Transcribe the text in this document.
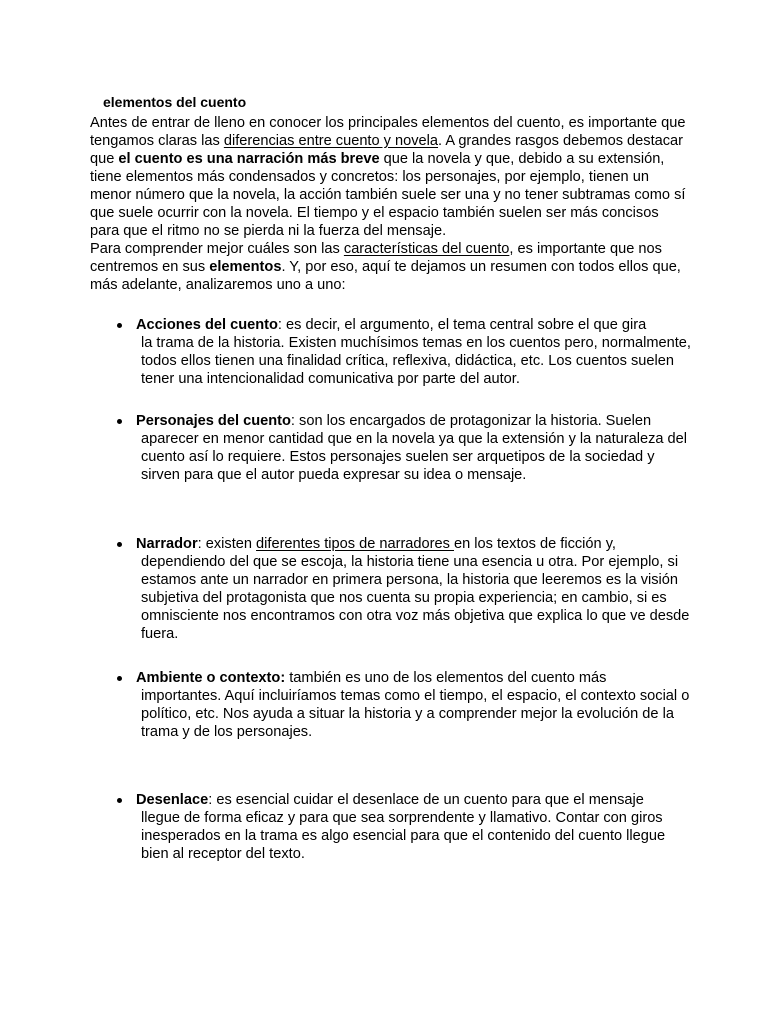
elementos del cuento

Antes de entrar de lleno en conocer los principales elementos del cuento, es importante que tengamos claras las diferencias entre cuento y novela. A grandes rasgos debemos destacar que el cuento es una narración más breve que la novela y que, debido a su extensión, tiene elementos más condensados y concretos: los personajes, por ejemplo, tienen un menor número que la novela, la acción también suele ser una y no tener subtramas como sí que suele ocurrir con la novela. El tiempo y el espacio también suelen ser más concisos para que el ritmo no se pierda ni la fuerza del mensaje.

Para comprender mejor cuáles son las característica​s del cuento, es importante que nos centremos en sus elementos. Y, por eso, aquí te dejamos un resumen con todos ellos que, más adelante, analizaremos uno a uno:

Acciones del cuento: es decir, el argumento, el tema central sobre el que gira
la trama de la historia. Existen muchísimos temas en los cuentos pero, normalmente, todos ellos tienen una finalidad crítica, reflexiva, didáctica, etc. Los cuentos suelen tener una intencionalidad comunicativa por parte del autor.
Personajes del cuento: son los encargados de protagonizar la historia. Suelen
aparecer en menor cantidad que en la novela ya que la extensión y la naturaleza del cuento así lo requiere. Estos personajes suelen ser arquetipos de la sociedad y sirven para que el autor pueda expresar su idea o mensaje.
Narrador: existen diferentes tipos de narradores en los textos de ficción y,
dependiendo del que se escoja, la historia tiene una esencia u otra. Por ejemplo, si estamos ante un narrador en primera persona, la historia que leeremos es la visión subjetiva del protagonista que nos cuenta su propia experiencia; en cambio, si es omnisciente nos encontramos con otra voz más objetiva que explica lo que ve desde fuera.
Ambiente o contexto: también es uno de los elementos del cuento más
importantes. Aquí incluiríamos temas como el tiempo, el espacio, el contexto social o político, etc. Nos ayuda a situar la historia y a comprender mejor la evolución de la trama y de los personajes.
Desenlace: es esencial cuidar el desenlace de un cuento para que el mensaje
llegue de forma eficaz y para que sea sorprendente y llamativo. Contar con giros inesperados en la trama es algo esencial para que el contenido del cuento llegue bien al receptor del texto.
